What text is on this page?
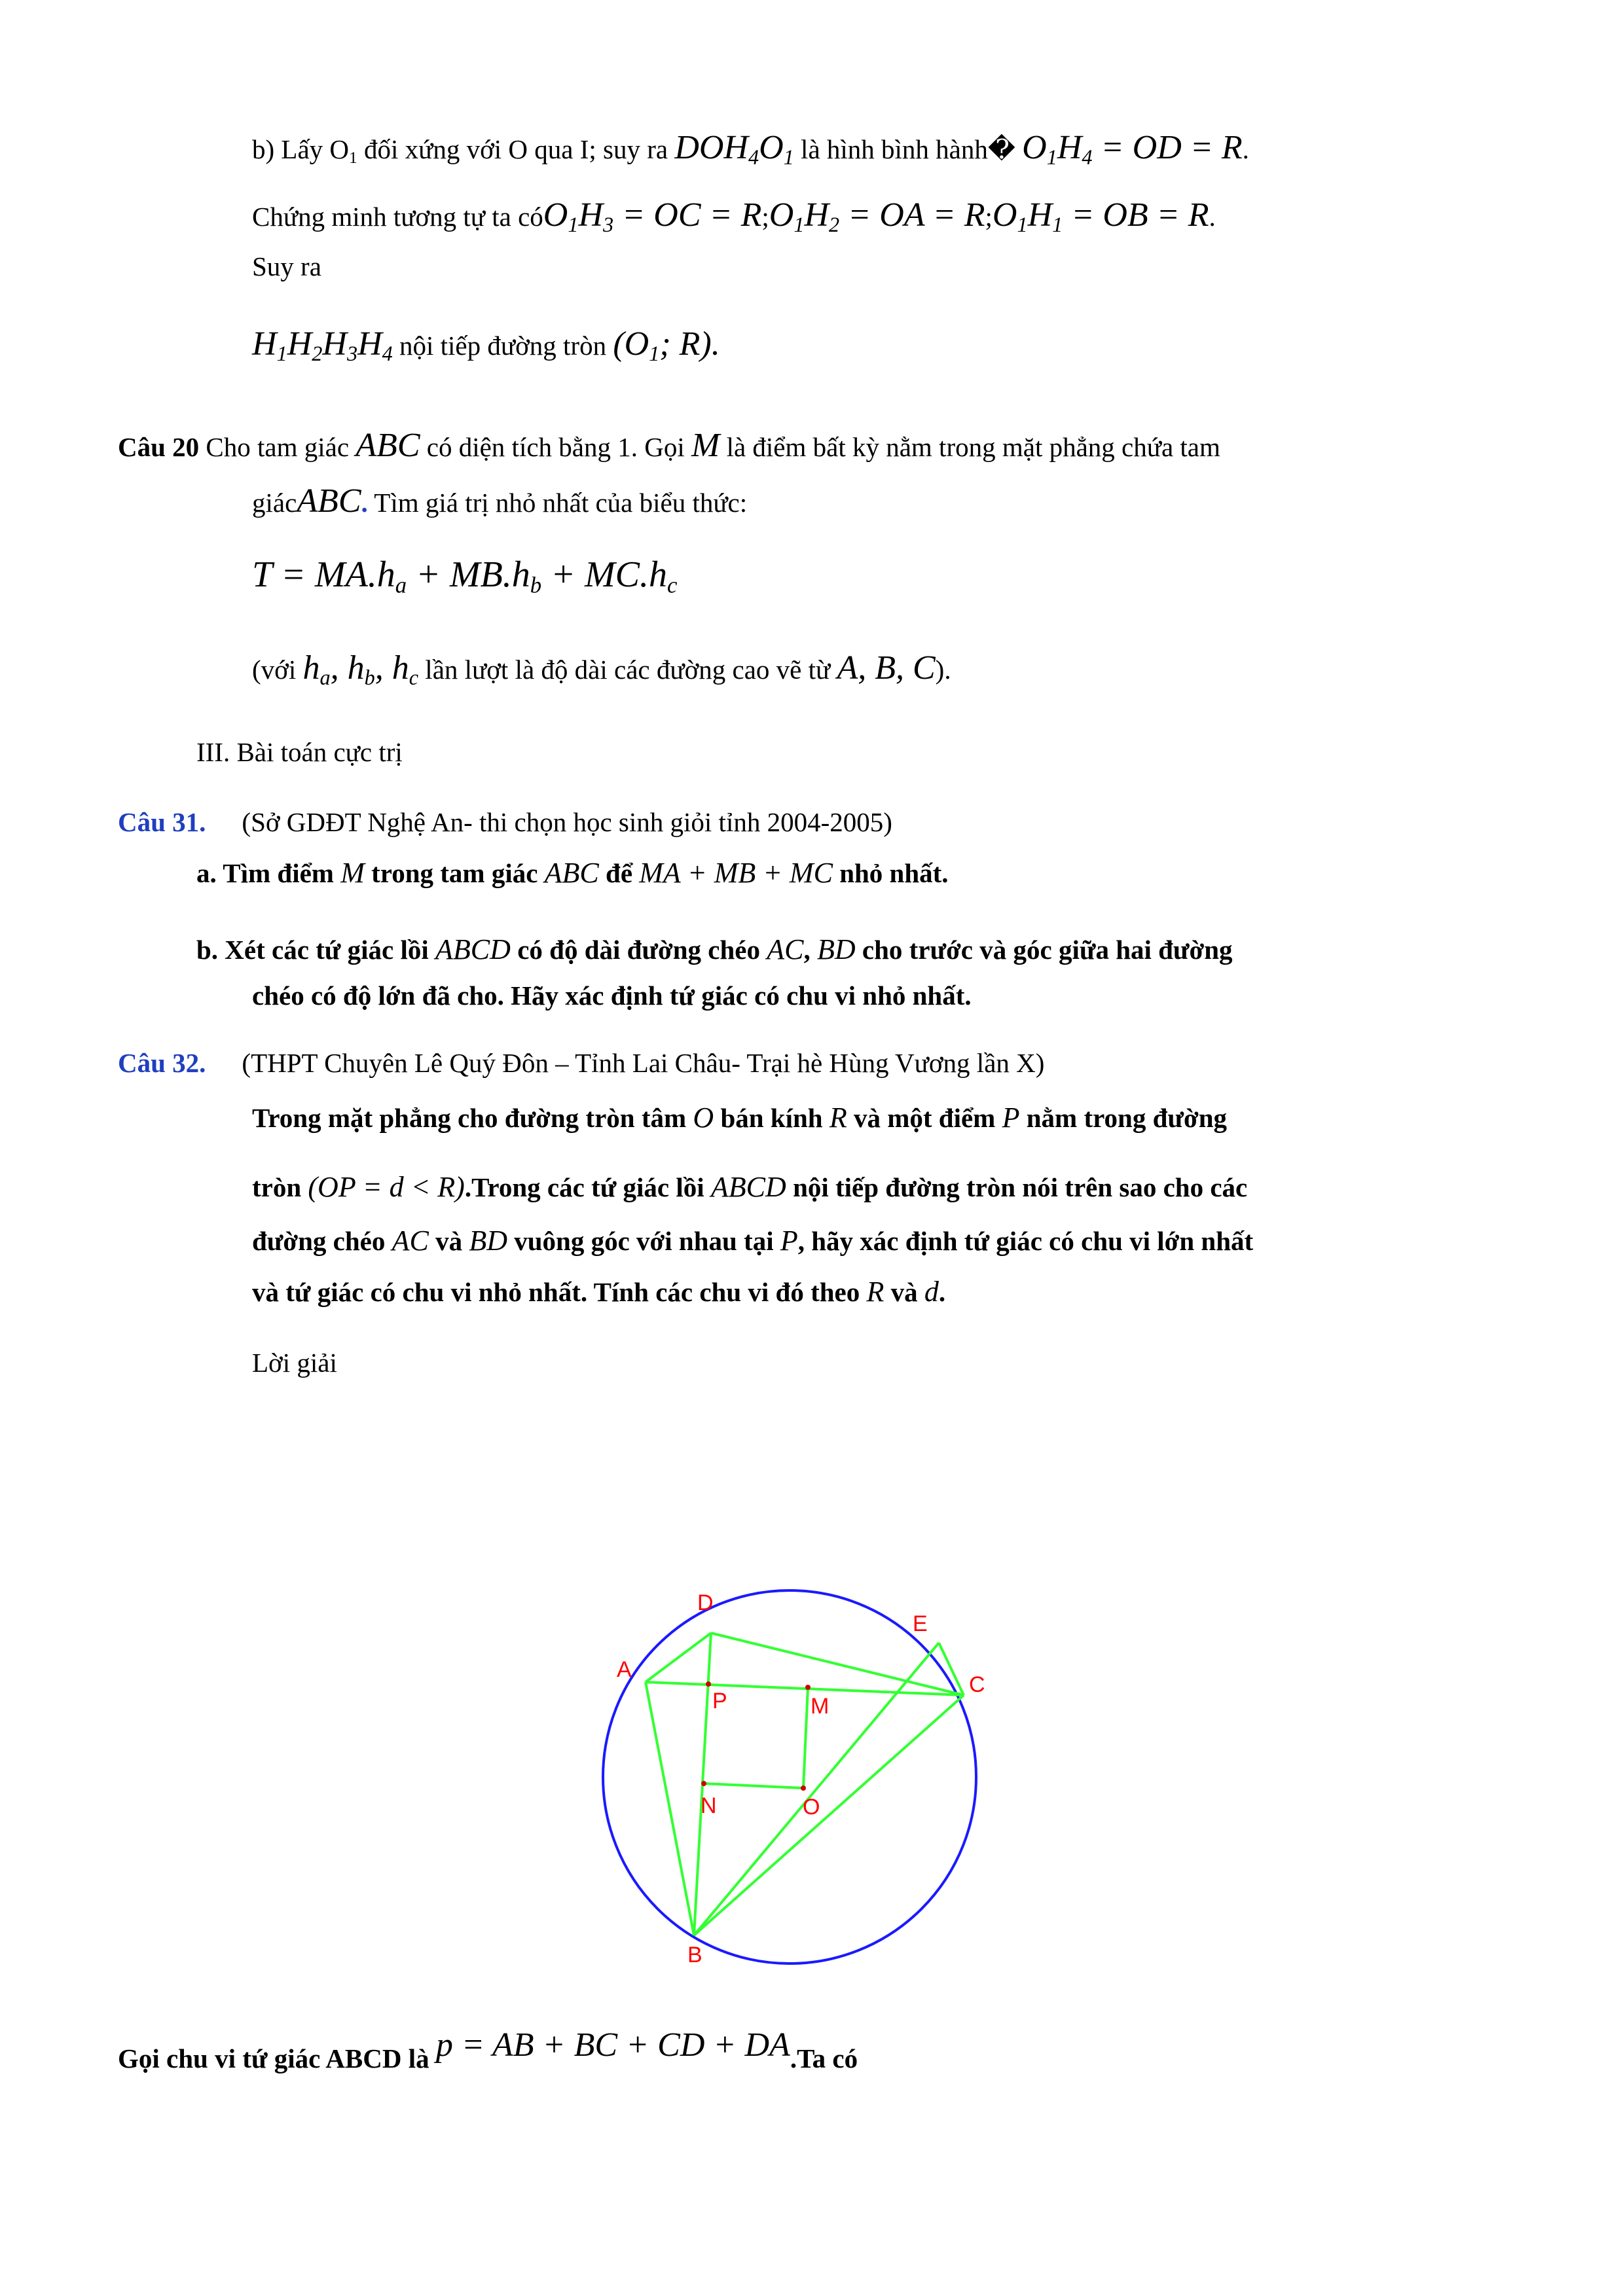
b) Lấy $O_1$ đối xứng với O qua I; suy ra $DOH_4O_1$ là hình bình hành� $O_1H_4$ = OD = R.
Chứng minh tương tự ta $cóO_1H_3$ = OC = $R;O_1H_2$ = OA = $R;O_1H_1$ = OB = R.
Suy ra
$H_1H_2H_3H_4$ nội tiếp đường tròn ($O_1$; R).
Câu 20 Cho tam giác ABC có diện tích bằng 1. Gọi M là điểm bất kỳ nằm trong mặt phẳng chứa tam
giácABC. Tìm giá trị nhỏ nhất của biểu thức:
$T = MA.h_a + MB.h_b + MC.h_c$
(với $h_a$, $h_b$, $h_c$ lần lượt là độ dài các đường cao vẽ từ A, B, C).
III. Bài toán cực trị
Câu 31. (Sở GDĐT Nghệ An- thi chọn học sinh giỏi tỉnh 2004-2005)
a. Tìm điểm M trong tam giác ABC để MA + MB + MC nhỏ nhất.
b. Xét các tứ giác lồi ABCD có độ dài đường chéo AC, BD cho trước và góc giữa hai đường
chéo có độ lớn đã cho. Hãy xác định tứ giác có chu vi nhỏ nhất.
Câu 32. (THPT Chuyên Lê Quý Đôn – Tỉnh Lai Châu- Trại hè Hùng Vương lần X)
Trong mặt phẳng cho đường tròn tâm O bán kính R và một điểm P nằm trong đường
tròn (OP = d < R).Trong các tứ giác lồi ABCD nội tiếp đường tròn nói trên sao cho các
đường chéo AC và BD vuông góc với nhau tại P, hãy xác định tứ giác có chu vi lớn nhất
và tứ giác có chu vi nhỏ nhất. Tính các chu vi đó theo R và d.
Lời giải
D
E
A
C
P	M
N	O
B
Gọi chu vi tứ giác ABCD là p = AB + BC + CD + DA.Ta có
